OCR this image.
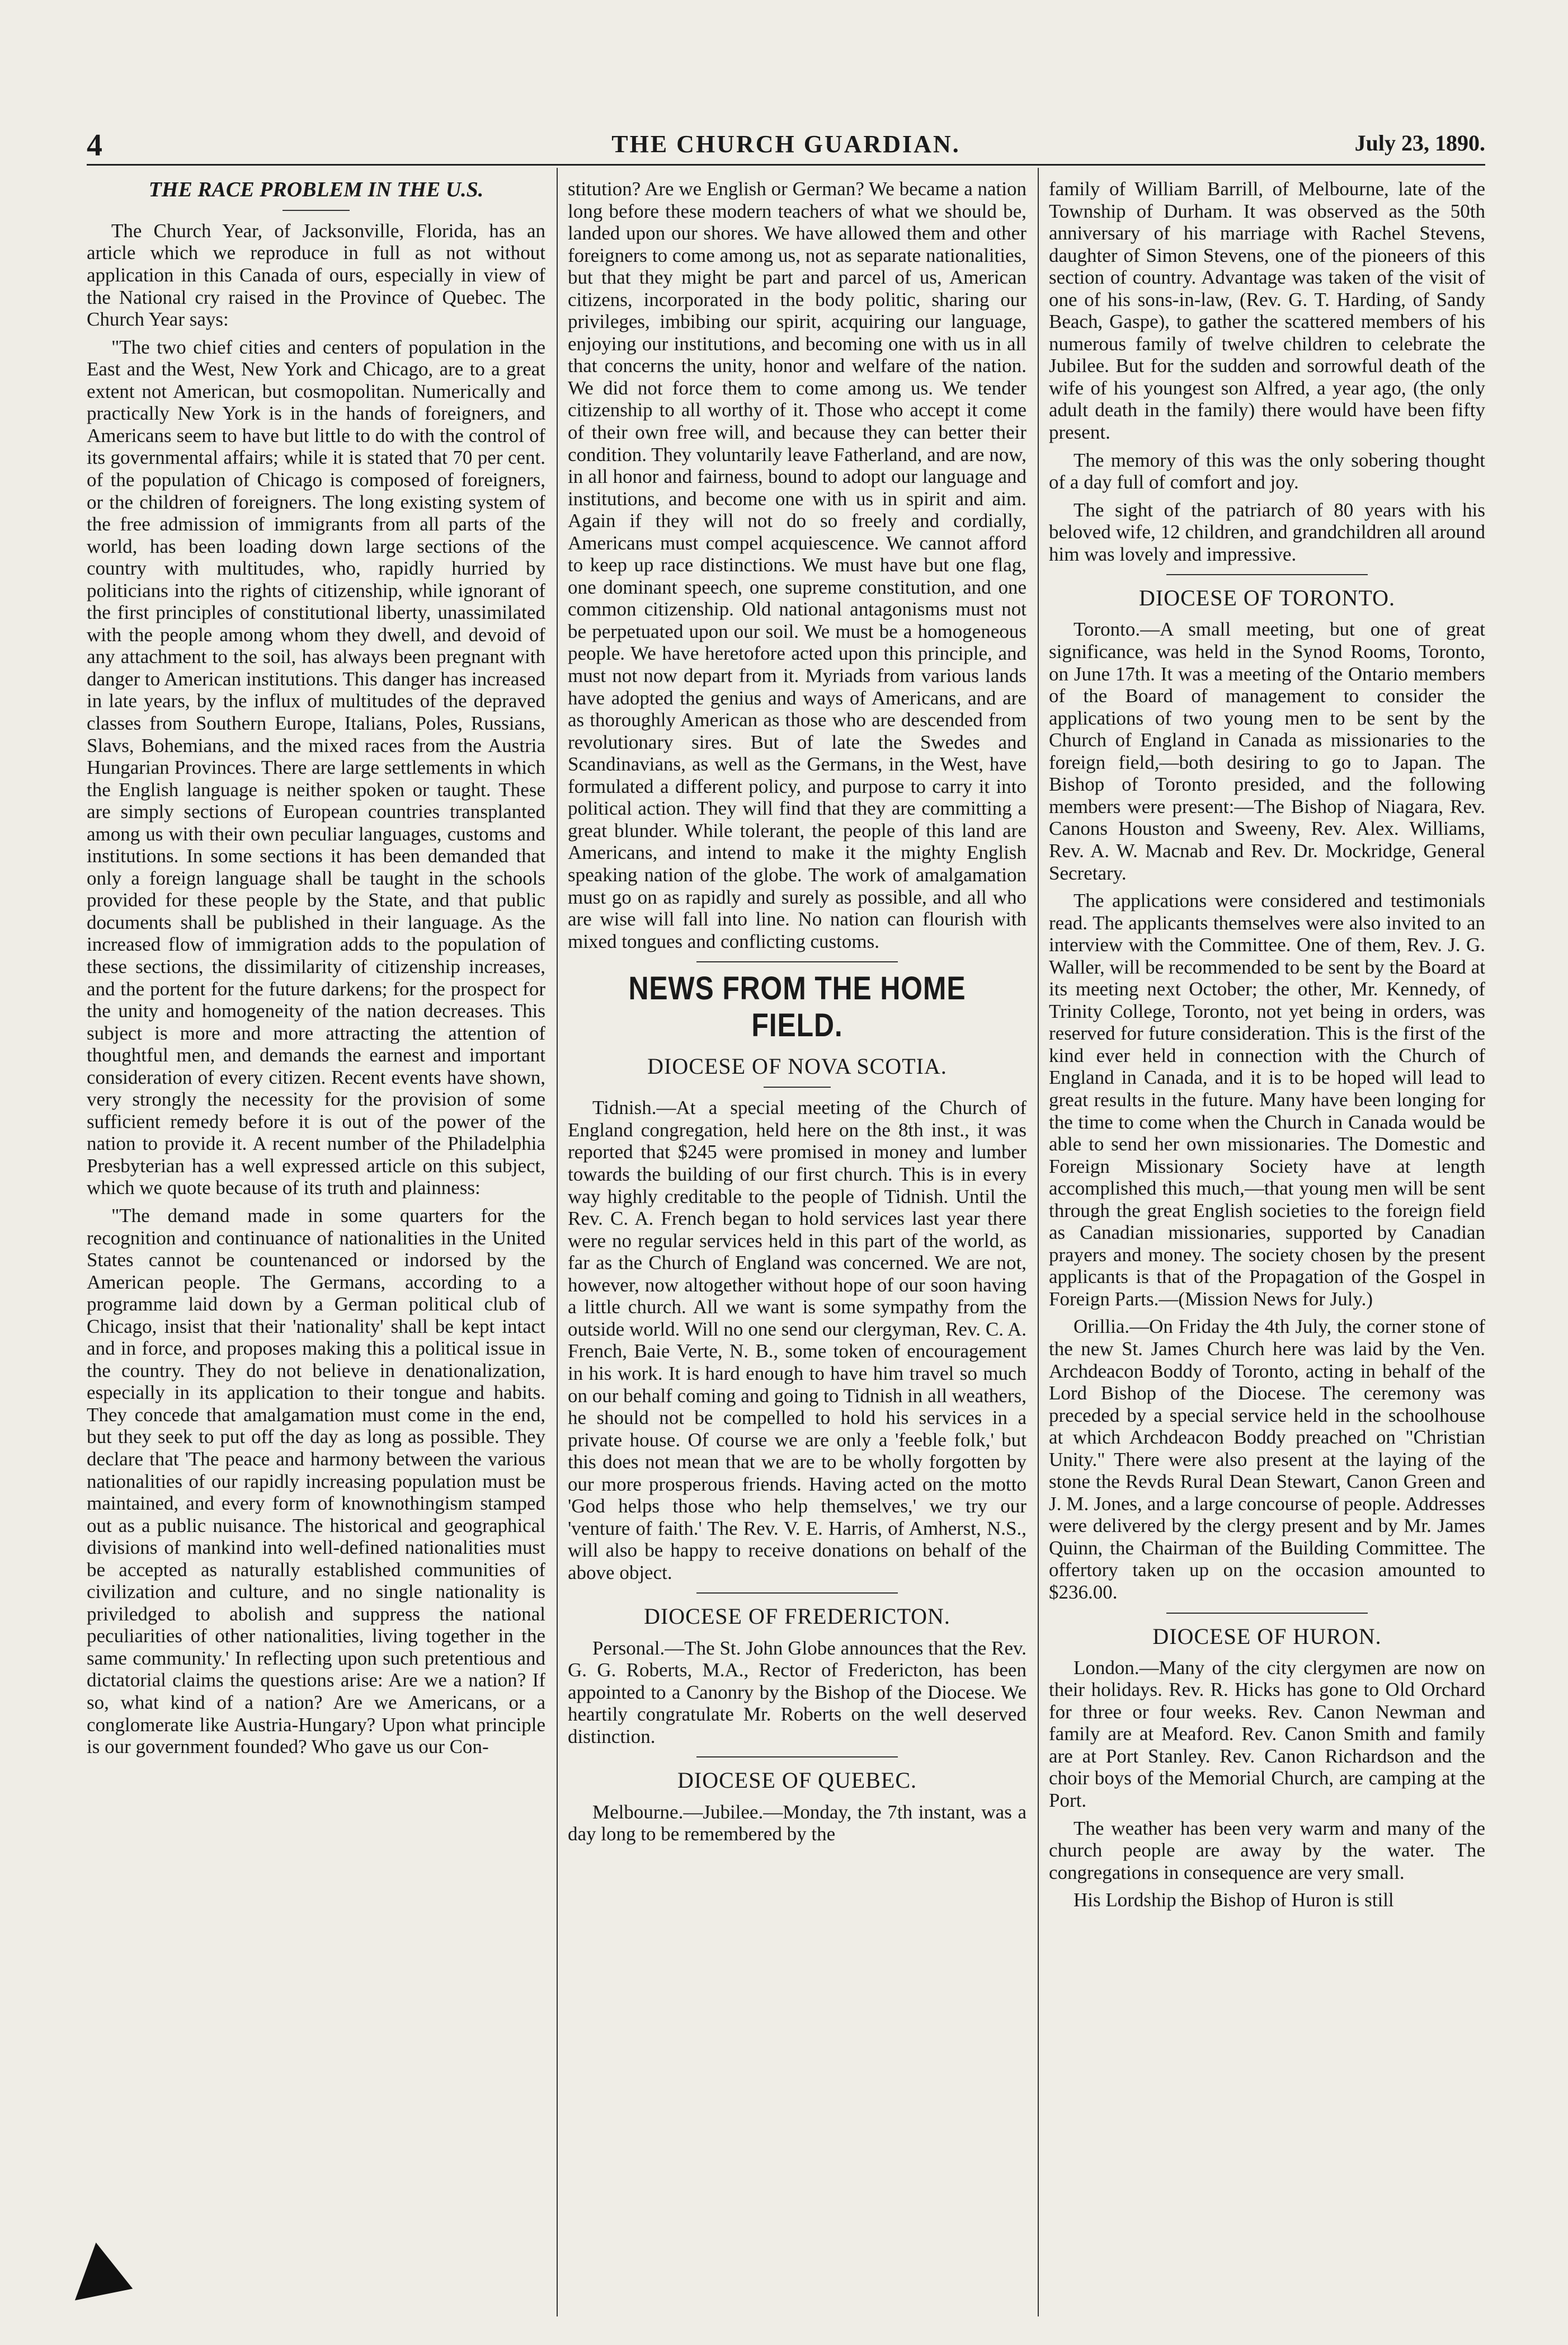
4	THE CHURCH GUARDIAN.	July 23, 1890.
THE RACE PROBLEM IN THE U.S.

The Church Year, of Jacksonville, Florida, has an article which we reproduce in full as not without application in this Canada of ours, especially in view of the National cry raised in the Province of Quebec. The Church Year says:

"The two chief cities and centers of population in the East and the West, New York and Chicago, are to a great extent not American, but cosmopolitan. Numerically and practically New York is in the hands of foreigners, and Americans seem to have but little to do with the control of its governmental affairs; while it is stated that 70 per cent. of the population of Chicago is composed of foreigners, or the children of foreigners. The long existing system of the free admission of immigrants from all parts of the world, has been loading down large sections of the country with multitudes, who, rapidly hurried by politicians into the rights of citizenship, while ignorant of the first principles of constitutional liberty, unassimilated with the people among whom they dwell, and devoid of any attachment to the soil, has always been pregnant with danger to American institutions. This danger has increased in late years, by the influx of multitudes of the depraved classes from Southern Europe, Italians, Poles, Russians, Slavs, Bohemians, and the mixed races from the Austria Hungarian Provinces. There are large settlements in which the English language is neither spoken or taught. These are simply sections of European countries transplanted among us with their own peculiar languages, customs and institutions. In some sections it has been demanded that only a foreign language shall be taught in the schools provided for these people by the State, and that public documents shall be published in their language. As the increased flow of immigration adds to the population of these sections, the dissimilarity of citizenship increases, and the portent for the future darkens; for the prospect for the unity and homogeneity of the nation decreases. This subject is more and more attracting the attention of thoughtful men, and demands the earnest and important consideration of every citizen. Recent events have shown, very strongly the necessity for the provision of some sufficient remedy before it is out of the power of the nation to provide it. A recent number of the Philadelphia Presbyterian has a well expressed article on this subject, which we quote because of its truth and plainness:

"The demand made in some quarters for the recognition and continuance of nationalities in the United States cannot be countenanced or indorsed by the American people. The Germans, according to a programme laid down by a German political club of Chicago, insist that their 'nationality' shall be kept intact and in force, and proposes making this a political issue in the country. They do not believe in denationalization, especially in its application to their tongue and habits. They concede that amalgamation must come in the end, but they seek to put off the day as long as possible. They declare that 'The peace and harmony between the various nationalities of our rapidly increasing population must be maintained, and every form of knownothingism stamped out as a public nuisance. The historical and geographical divisions of mankind into well-defined nationalities must be accepted as naturally established communities of civilization and culture, and no single nationality is priviledged to abolish and suppress the national peculiarities of other nationalities, living together in the same community.' In reflecting upon such pretentious and dictatorial claims the questions arise: Are we a nation? If so, what kind of a nation? Are we Americans, or a conglomerate like Austria-Hungary? Upon what principle is our government founded? Who gave us our Con-

stitution? Are we English or German? We became a nation long before these modern teachers of what we should be, landed upon our shores. We have allowed them and other foreigners to come among us, not as separate nationalities, but that they might be part and parcel of us, American citizens, incorporated in the body politic, sharing our privileges, imbibing our spirit, acquiring our language, enjoying our institutions, and becoming one with us in all that concerns the unity, honor and welfare of the nation. We did not force them to come among us. We tender citizenship to all worthy of it. Those who accept it come of their own free will, and because they can better their condition. They voluntarily leave Fatherland, and are now, in all honor and fairness, bound to adopt our language and institutions, and become one with us in spirit and aim. Again if they will not do so freely and cordially, Americans must compel acquiescence. We cannot afford to keep up race distinctions. We must have but one flag, one dominant speech, one supreme constitution, and one common citizenship. Old national antagonisms must not be perpetuated upon our soil. We must be a homogeneous people. We have heretofore acted upon this principle, and must not now depart from it. Myriads from various lands have adopted the genius and ways of Americans, and are as thoroughly American as those who are descended from revolutionary sires. But of late the Swedes and Scandinavians, as well as the Germans, in the West, have formulated a different policy, and purpose to carry it into political action. They will find that they are committing a great blunder. While tolerant, the people of this land are Americans, and intend to make it the mighty English speaking nation of the globe. The work of amalgamation must go on as rapidly and surely as possible, and all who are wise will fall into line. No nation can flourish with mixed tongues and conflicting customs.

NEWS FROM THE HOME FIELD.
DIOCESE OF NOVA SCOTIA.

Tidnish.—At a special meeting of the Church of England congregation, held here on the 8th inst., it was reported that $245 were promised in money and lumber towards the building of our first church. This is in every way highly creditable to the people of Tidnish. Until the Rev. C. A. French began to hold services last year there were no regular services held in this part of the world, as far as the Church of England was concerned. We are not, however, now altogether without hope of our soon having a little church. All we want is some sympathy from the outside world. Will no one send our clergyman, Rev. C. A. French, Baie Verte, N. B., some token of encouragement in his work. It is hard enough to have him travel so much on our behalf coming and going to Tidnish in all weathers, he should not be compelled to hold his services in a private house. Of course we are only a 'feeble folk,' but this does not mean that we are to be wholly forgotten by our more prosperous friends. Having acted on the motto 'God helps those who help themselves,' we try our 'venture of faith.' The Rev. V. E. Harris, of Amherst, N.S., will also be happy to receive donations on behalf of the above object.

DIOCESE OF FREDERICTON.

Personal.—The St. John Globe announces that the Rev. G. G. Roberts, M.A., Rector of Fredericton, has been appointed to a Canonry by the Bishop of the Diocese. We heartily congratulate Mr. Roberts on the well deserved distinction.

DIOCESE OF QUEBEC.

Melbourne.—Jubilee.—Monday, the 7th instant, was a day long to be remembered by the

family of William Barrill, of Melbourne, late of the Township of Durham. It was observed as the 50th anniversary of his marriage with Rachel Stevens, daughter of Simon Stevens, one of the pioneers of this section of country. Advantage was taken of the visit of one of his sons-in-law, (Rev. G. T. Harding, of Sandy Beach, Gaspe), to gather the scattered members of his numerous family of twelve children to celebrate the Jubilee. But for the sudden and sorrowful death of the wife of his youngest son Alfred, a year ago, (the only adult death in the family) there would have been fifty present.

The memory of this was the only sobering thought of a day full of comfort and joy.

The sight of the patriarch of 80 years with his beloved wife, 12 children, and grandchildren all around him was lovely and impressive.

DIOCESE OF TORONTO.

Toronto.—A small meeting, but one of great significance, was held in the Synod Rooms, Toronto, on June 17th. It was a meeting of the Ontario members of the Board of management to consider the applications of two young men to be sent by the Church of England in Canada as missionaries to the foreign field,—both desiring to go to Japan. The Bishop of Toronto presided, and the following members were present:—The Bishop of Niagara, Rev. Canons Houston and Sweeny, Rev. Alex. Williams, Rev. A. W. Macnab and Rev. Dr. Mockridge, General Secretary.

The applications were considered and testimonials read. The applicants themselves were also invited to an interview with the Committee. One of them, Rev. J. G. Waller, will be recommended to be sent by the Board at its meeting next October; the other, Mr. Kennedy, of Trinity College, Toronto, not yet being in orders, was reserved for future consideration. This is the first of the kind ever held in connection with the Church of England in Canada, and it is to be hoped will lead to great results in the future. Many have been longing for the time to come when the Church in Canada would be able to send her own missionaries. The Domestic and Foreign Missionary Society have at length accomplished this much,—that young men will be sent through the great English societies to the foreign field as Canadian missionaries, supported by Canadian prayers and money. The society chosen by the present applicants is that of the Propagation of the Gospel in Foreign Parts.—(Mission News for July.)

Orillia.—On Friday the 4th July, the corner stone of the new St. James Church here was laid by the Ven. Archdeacon Boddy of Toronto, acting in behalf of the Lord Bishop of the Diocese. The ceremony was preceded by a special service held in the schoolhouse at which Archdeacon Boddy preached on "Christian Unity." There were also present at the laying of the stone the Revds Rural Dean Stewart, Canon Green and J. M. Jones, and a large concourse of people. Addresses were delivered by the clergy present and by Mr. James Quinn, the Chairman of the Building Committee. The offertory taken up on the occasion amounted to $236.00.

DIOCESE OF HURON.

London.—Many of the city clergymen are now on their holidays. Rev. R. Hicks has gone to Old Orchard for three or four weeks. Rev. Canon Newman and family are at Meaford. Rev. Canon Smith and family are at Port Stanley. Rev. Canon Richardson and the choir boys of the Memorial Church, are camping at the Port.

The weather has been very warm and many of the church people are away by the water. The congregations in consequence are very small.

His Lordship the Bishop of Huron is still
